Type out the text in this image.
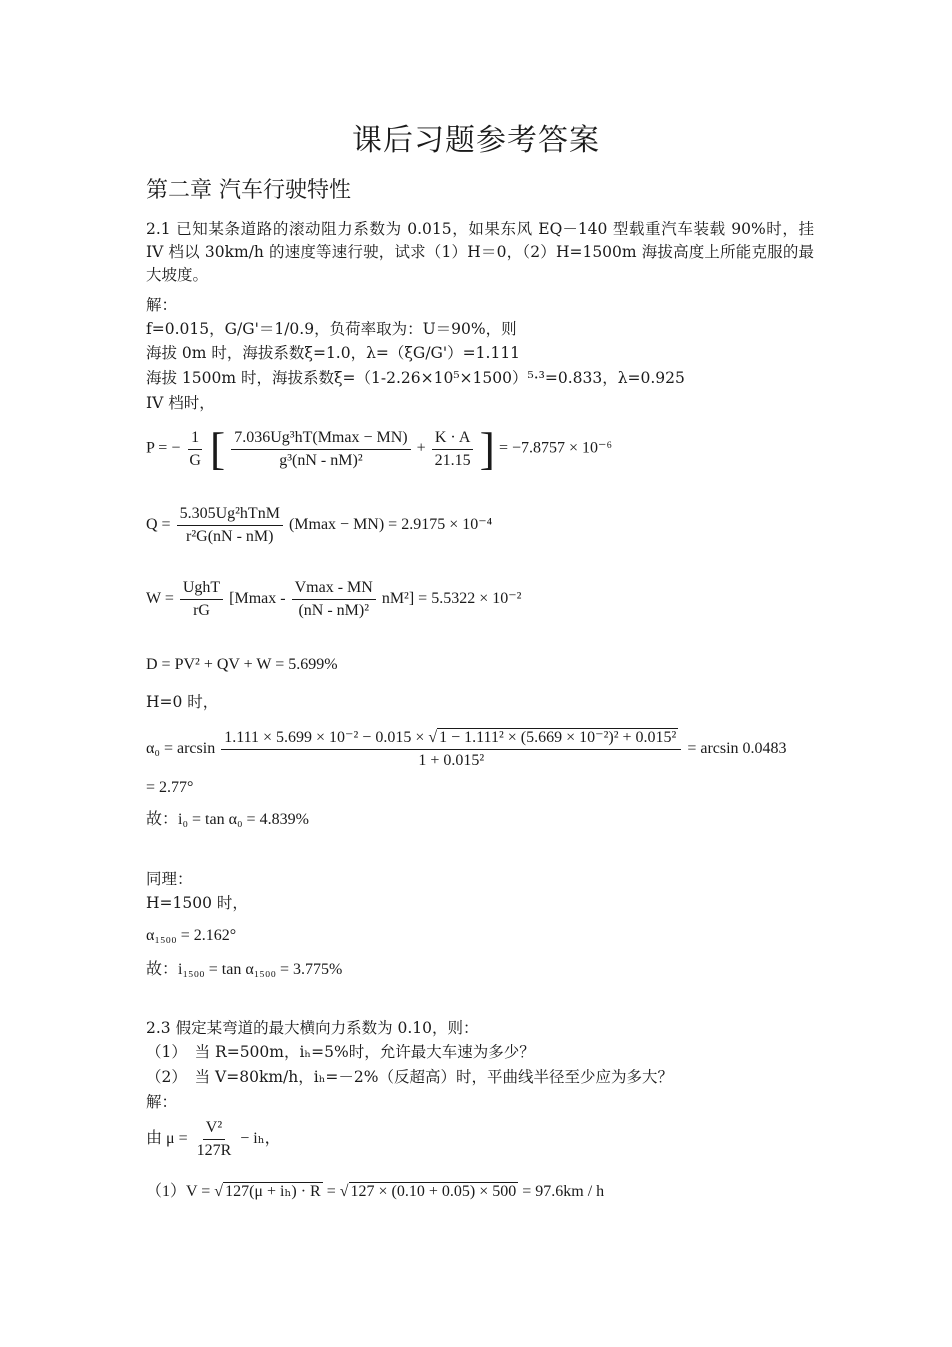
课后习题参考答案
第二章 汽车行驶特性
2.1 已知某条道路的滚动阻力系数为 0.015，如果东风 EQ－140 型载重汽车装载 90%时，挂 IV 档以 30km/h 的速度等速行驶，试求（1）H＝0，（2）H=1500m 海拔高度上所能克服的最大坡度。
解：
f=0.015，G/G'＝1/0.9，负荷率取为：U＝90%，则
海拔 0m 时，海拔系数ξ=1.0，λ=（ξG/G'）=1.111
海拔 1500m 时，海拔系数ξ=（1-2.26×10⁵×1500）⁵·³=0.833，λ=0.925
IV 档时，
P = − $\frac{1}{G}$ [ $\frac{\text{7.036Ug³hT(Mmax − MN)}}{\text{g³(nN - nM)²}} + \frac{K \cdot A}{21.15}$ ] = −7.8757 × 10⁻⁶
$Q = \frac{\text{5.305Ug²hTnM}}{\text{r²G(nN - nM)}} (Mmax - MN) = 2.9175 \times 10^{-4}$
$W = \frac{\text{UghT}}{rG} [Mmax - \frac{Vmax - MN}{\text{(nN - nM)²}} nM^2] = 5.5322 \times 10^{-2}$
D = PV² + QV + W = 5.699%
H=0 时，
α₀ = arcsin
1.111 × 5.699 × 10⁻² − 0.015 × √ 1 − 1.111² × (5.669 × 10⁻²)² + 0.015²
1 + 0.015²
= arcsin 0.0483
= 2.77°
故：i₀ = tan α₀ = 4.839%
同理：
H=1500 时，
α₁₅₀₀ = 2.162°
故：i₁₅₀₀ = tan α₁₅₀₀ = 3.775%
2.3 假定某弯道的最大横向力系数为 0.10，则：
（1）　当 R=500m，iₕ=5%时，允许最大车速为多少？
（2）　当 V=80km/h，iₕ=－2%（反超高）时，平曲线半径至少应为多大？
解：
由 $\mu = \frac{\text{V²}}{127R} - i_h$，
（1）V = √ 127(μ + iₕ) · R = √ 127 × (0.10 + 0.05) × 500 = 97.6km / h
